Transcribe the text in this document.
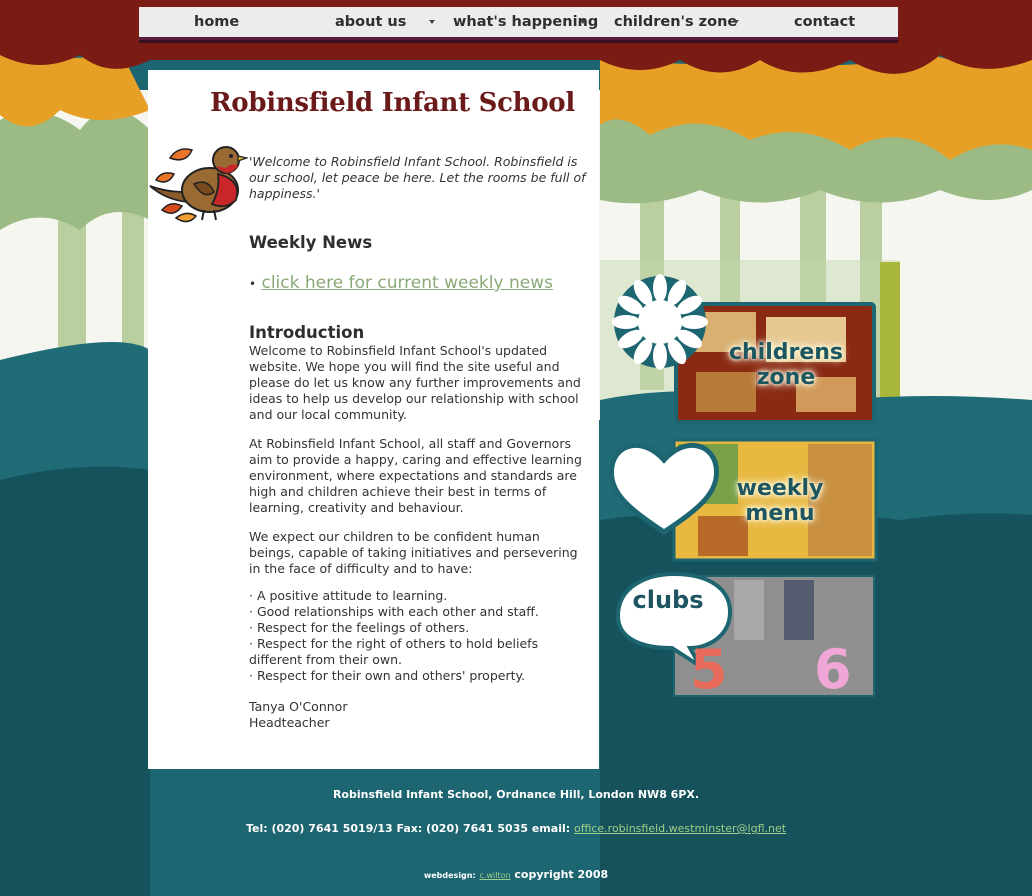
home	about us	what's happening children's zone	contact
Robinsfield Infant School

'Welcome to Robinsfield Infant School. Robinsfield is our school, let peace be here. Let the rooms be full of happiness.'

Weekly News
• click here for current weekly news
Introduction

Welcome to Robinsfield Infant School's updated website. We hope you will find the site useful and please do let us know any further improvements and ideas to help us develop our relationship with school and our local community.

At Robinsfield Infant School, all staff and Governors aim to provide a happy, caring and effective learning environment, where expectations and standards are high and children achieve their best in terms of learning, creativity and behaviour.

We expect our children to be confident human beings, capable of taking initiatives and persevering in the face of difficulty and to have:

· A positive attitude to learning.
· Good relationships with each other and staff.
· Respect for the feelings of others.
· Respect for the right of others to hold beliefs different from their own.
· Respect for their own and others' property.
Tanya O'Connor
Headteacher
childrens
zone
weekly
menu
clubs
5 6
Robinsfield Infant School, Ordnance Hill, London NW8 6PX.
Tel: (020) 7641 5019/13 Fax: (020) 7641 5035 email: office.robinsfield.westminster@lgfl.net
webdesign: c.wilton copyright 2008
